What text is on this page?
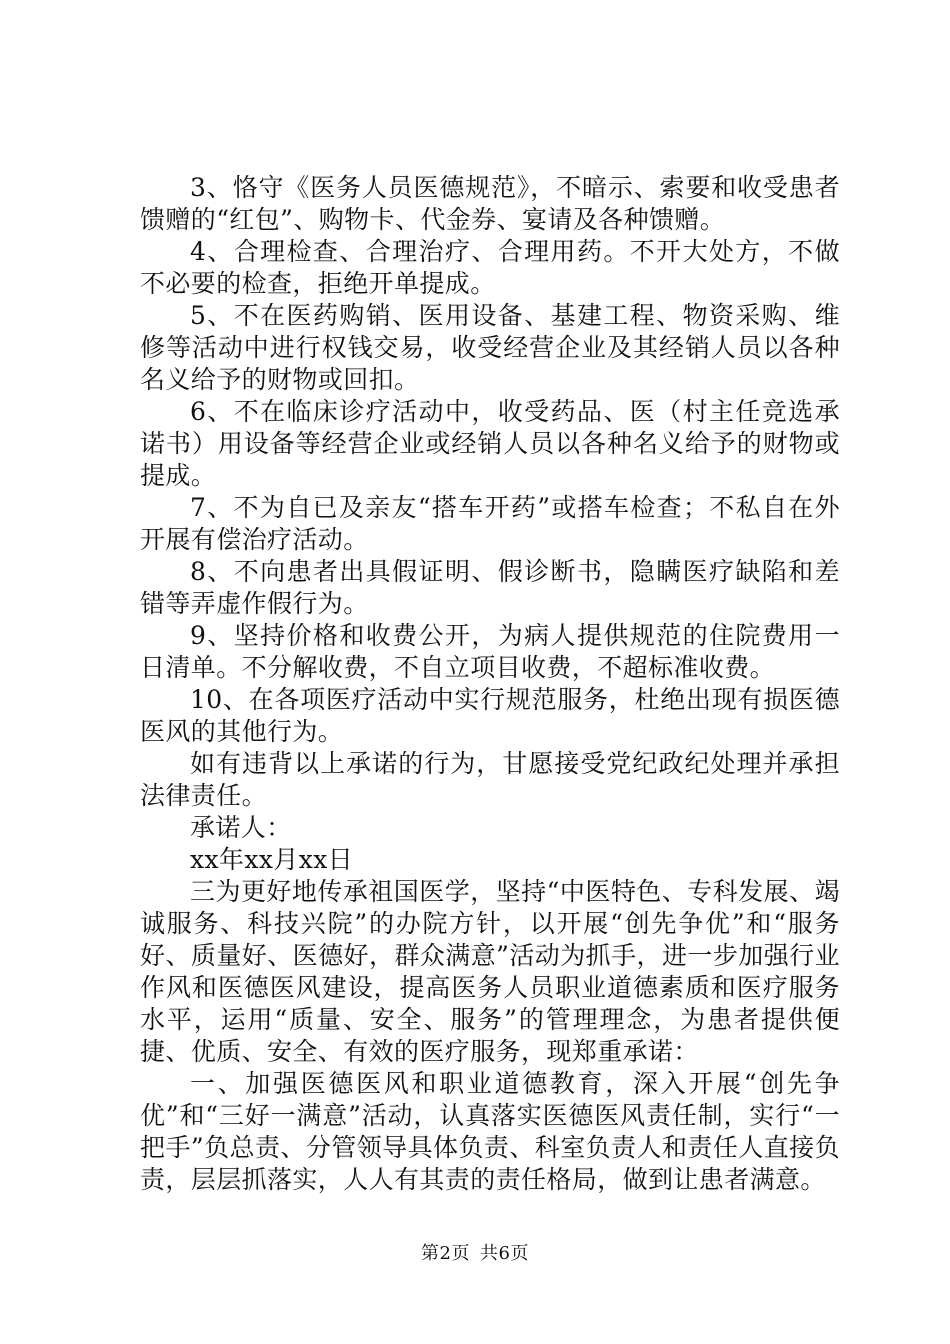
3、恪守《医务人员医德规范》，不暗示、索要和收受患者馈赠的“红包”、购物卡、代金券、宴请及各种馈赠。

4、合理检查、合理治疗、合理用药。不开大处方，不做不必要的检查，拒绝开单提成。

5、不在医药购销、医用设备、基建工程、物资采购、维修等活动中进行权钱交易，收受经营企业及其经销人员以各种名义给予的财物或回扣。

6、不在临床诊疗活动中，收受药品、医（村主任竞选承诺书）用设备等经营企业或经销人员以各种名义给予的财物或提成。

7、不为自已及亲友“搭车开药”或搭车检查；不私自在外开展有偿治疗活动。

8、不向患者出具假证明、假诊断书，隐瞒医疗缺陷和差错等弄虚作假行为。

9、坚持价格和收费公开，为病人提供规范的住院费用一日清单。不分解收费，不自立项目收费，不超标准收费。

10、在各项医疗活动中实行规范服务，杜绝出现有损医德医风的其他行为。

如有违背以上承诺的行为，甘愿接受党纪政纪处理并承担法律责任。

承诺人：

xx年xx月xx日

三为更好地传承祖国医学，坚持“中医特色、专科发展、竭诚服务、科技兴院”的办院方针，以开展“创先争优”和“服务好、质量好、医德好，群众满意”活动为抓手，进一步加强行业作风和医德医风建设，提高医务人员职业道德素质和医疗服务水平，运用“质量、安全、服务”的管理理念，为患者提供便捷、优质、安全、有效的医疗服务，现郑重承诺：

一、加强医德医风和职业道德教育，深入开展“创先争优”和“三好一满意”活动，认真落实医德医风责任制，实行“一把手”负总责、分管领导具体负责、科室负责人和责任人直接负责，层层抓落实，人人有其责的责任格局，做到让患者满意。

第2页 共6页
